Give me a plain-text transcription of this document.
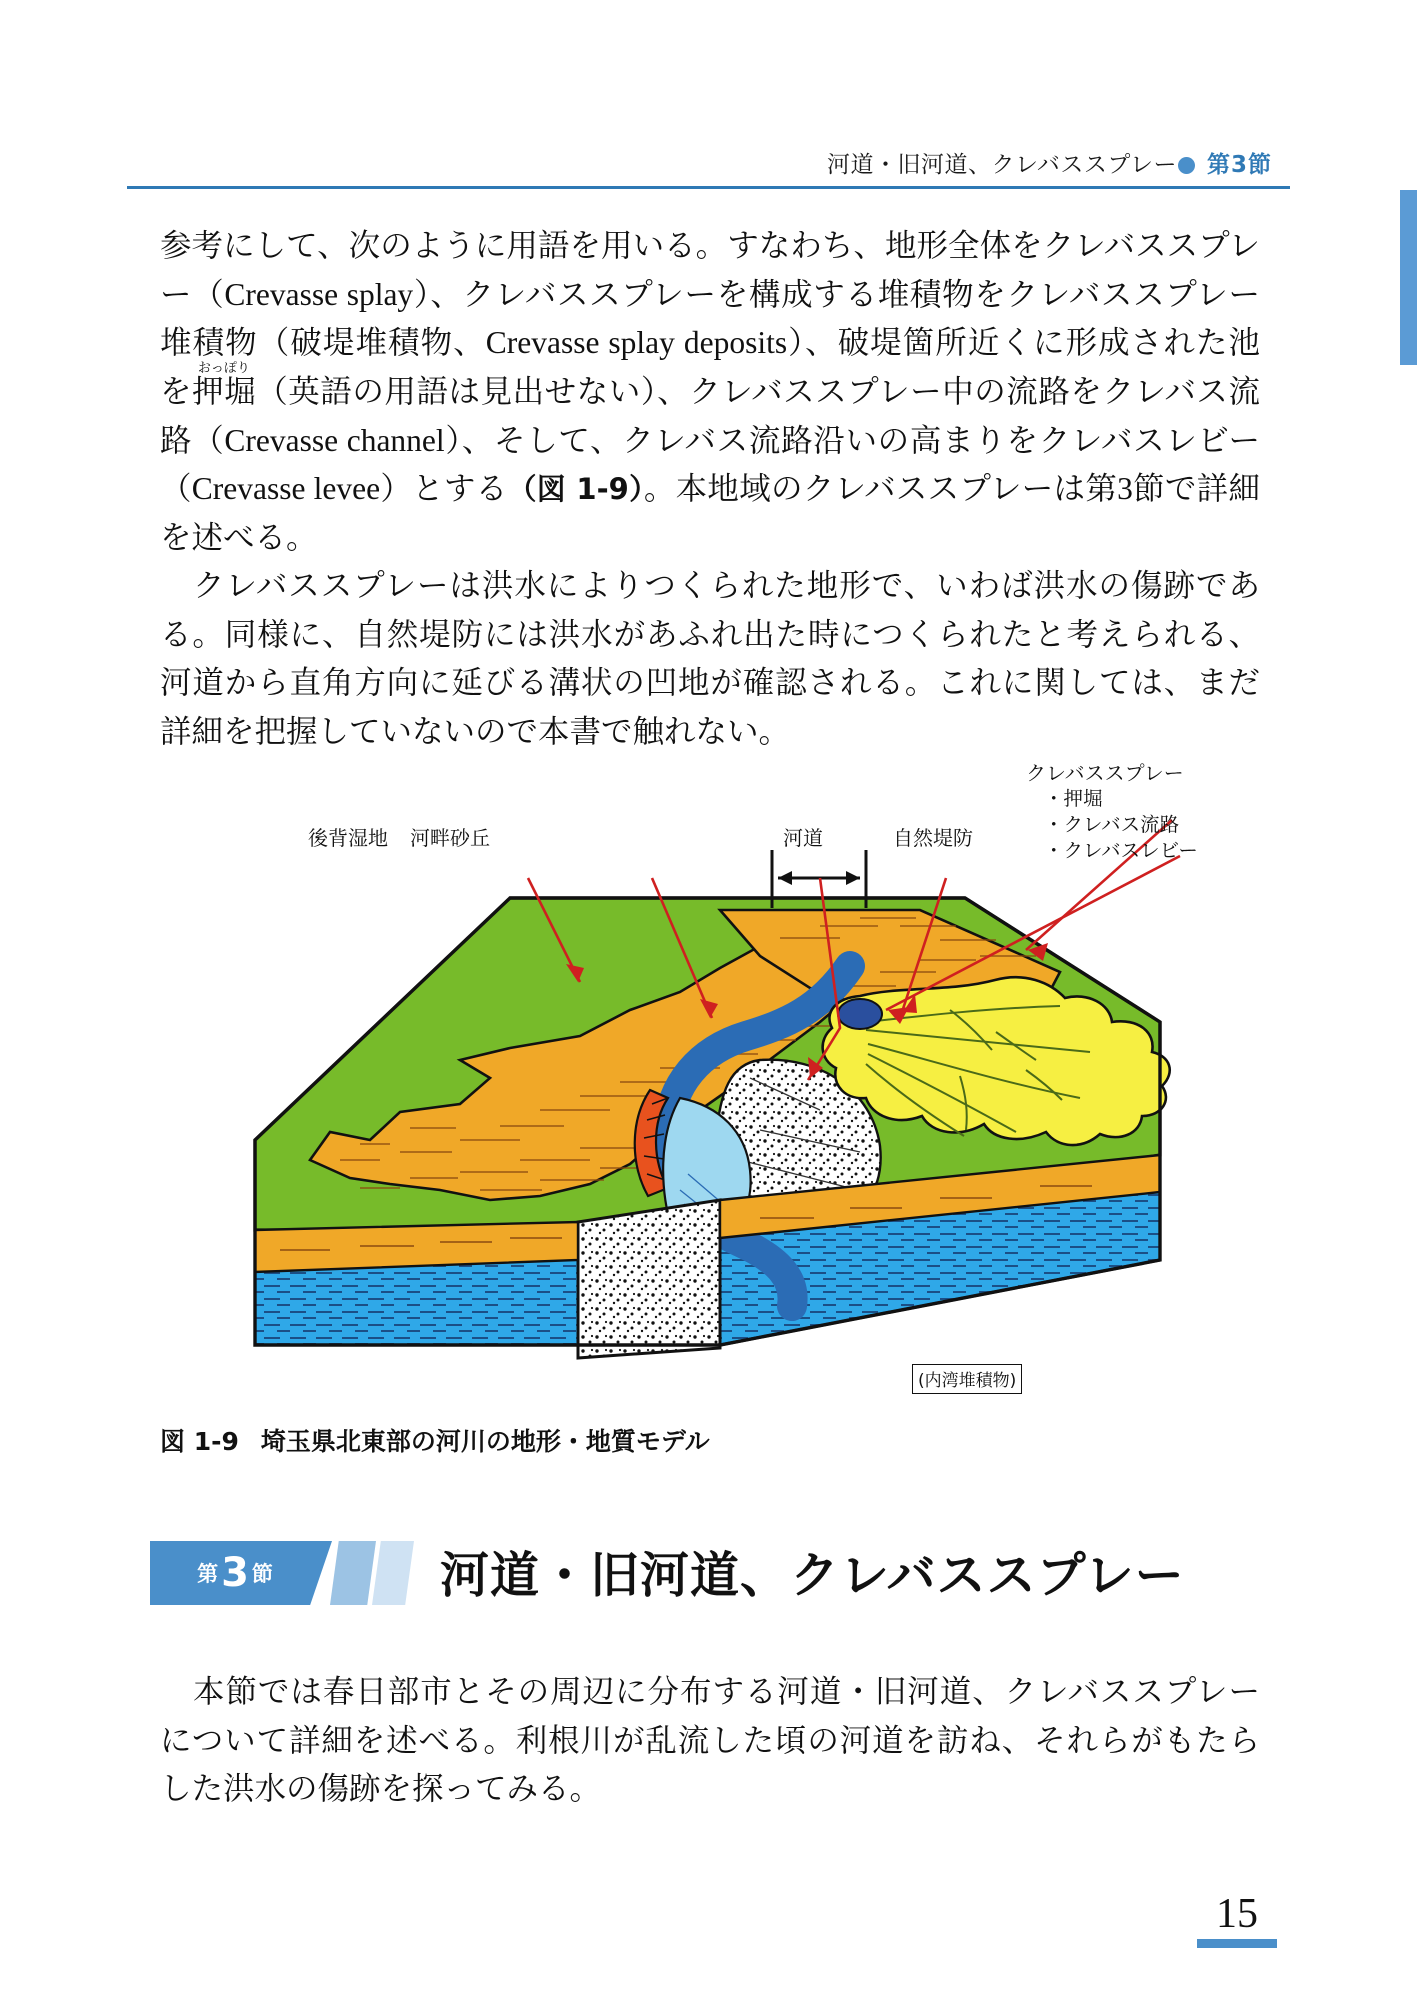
河道・旧河道、クレバススプレー 第3節

参考にして、次のように用語を用いる。すなわち、地形全体をクレバススプレー（Crevasse splay）、クレバススプレーを構成する堆積物をクレバススプレー堆積物（破堤堆積物、Crevasse splay deposits）、破堤箇所近くに形成された池を押堀おっぽり（英語の用語は見出せない）、クレバススプレー中の流路をクレバス流路（Crevasse channel）、そして、クレバス流路沿いの高まりをクレバスレビー（Crevasse levee）とする（図 1-9）。本地域のクレバススプレーは第3節で詳細を述べる。

クレバススプレーは洪水によりつくられた地形で、いわば洪水の傷跡である。同様に、自然堤防には洪水があふれ出た時につくられたと考えられる、河道から直角方向に延びる溝状の凹地が確認される。これに関しては、まだ詳細を把握していないので本書で触れない。

後背湿地 河畔砂丘	河道	自然堤防
クレバススプレー
・押堀
・クレバス流路
・クレバスレビー
(内湾堆積物)
図 1-9 埼玉県北東部の河川の地形・地質モデル
第 3 節	河道・旧河道、クレバススプレー

本節では春日部市とその周辺に分布する河道・旧河道、クレバススプレーについて詳細を述べる。利根川が乱流した頃の河道を訪ね、それらがもたらした洪水の傷跡を探ってみる。

15
